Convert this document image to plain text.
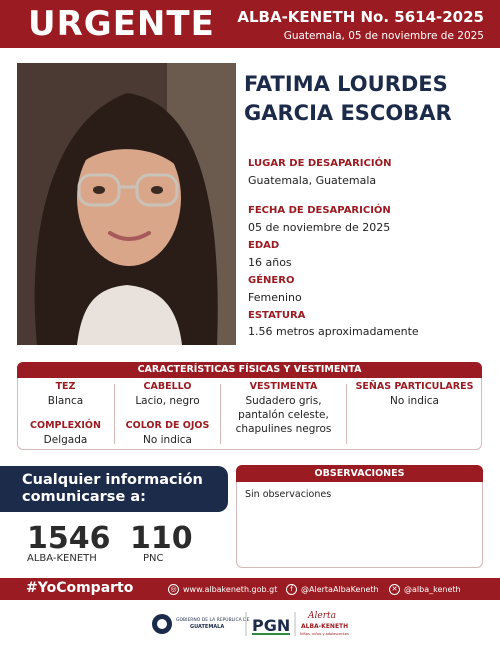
URGENTE ALBA-KENETH No. 5614-2025
Guatemala, 05 de noviembre de 2025
FATIMA LOURDES
GARCIA ESCOBAR
LUGAR DE DESAPARICIÓN
Guatemala, Guatemala
FECHA DE DESAPARICIÓN
05 de noviembre de 2025
EDAD
16 años
GÉNERO
Femenino
ESTATURA
1.56 metros aproximadamente
CARACTERÍSTICAS FÍSICAS Y VESTIMENTA
TEZ
Blanca
COMPLEXIÓN
Delgada
CABELLO
Lacio, negro
COLOR DE OJOS
No indica
VESTIMENTA
Sudadero gris,
pantalón celeste,
chapulines negros
SEÑAS PARTICULARES
No indica
Cualquier información
comunicarse a:
1546
ALBA-KENETH
110
PNC
OBSERVACIONES
Sin observaciones
#YoComparto	◎ www.albakeneth.gob.gt	f	@AlertaAlbaKeneth	✕ @alba_keneth
GOBIERNO DE LA REPÚBLICA DE
GUATEMALA PGN Alerta
ALBA-KENETH
Niñas, niños y adolescentes
